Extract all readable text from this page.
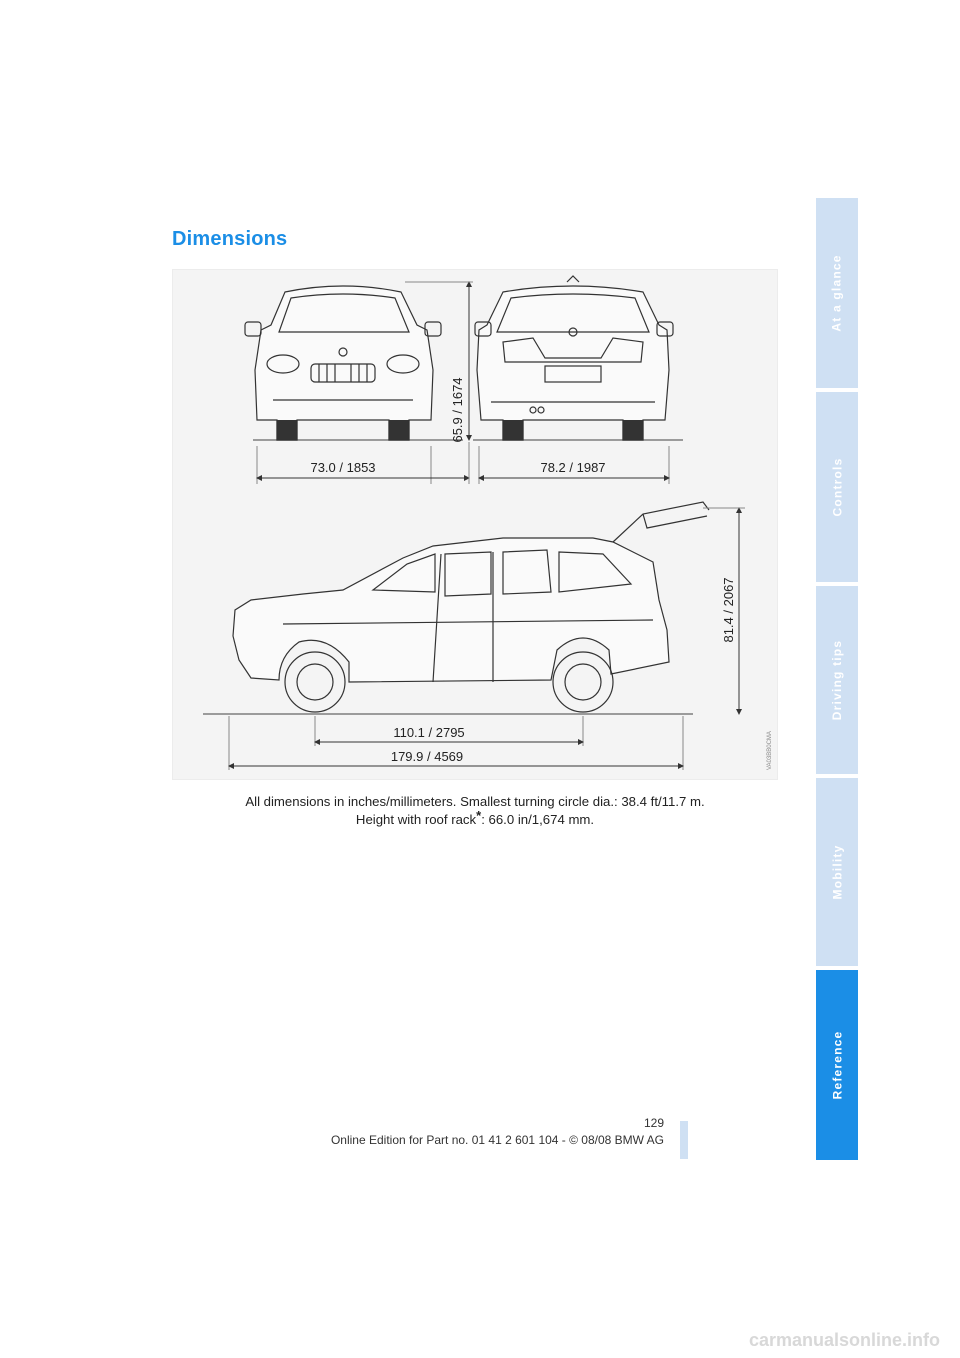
Dimensions
65.9 / 1674
73.0 / 1853	78.2 / 1987
81.4 / 2067
110.1 / 2795
179.9 / 4569	VA03BB0CMA

All dimensions in inches/millimeters. Smallest turning circle dia.: 38.4 ft/11.7 m.

Height with roof rack*: 66.0 in/1,674 mm.

At a glance
Controls
Driving tips
Mobility
Reference
129
Online Edition for Part no. 01 41 2 601 104 - © 08/08 BMW AG
carmanualsonline.info
